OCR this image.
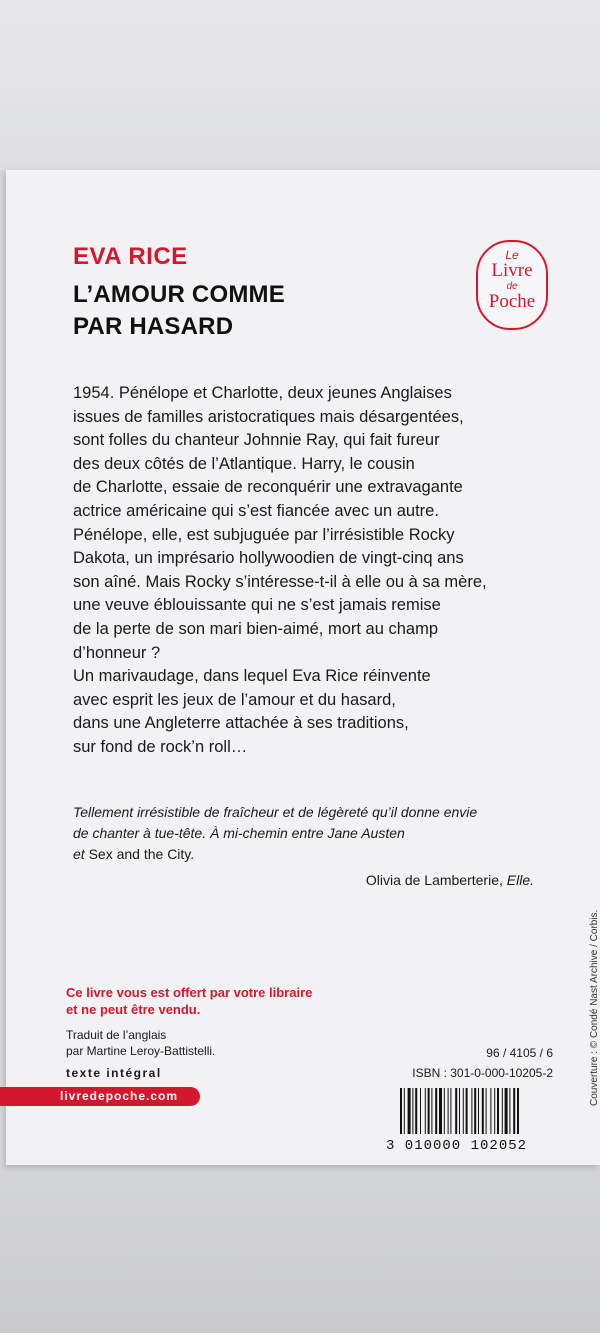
EVA RICE
L’AMOUR COMME
PAR HASARD
Le
Livre
de
Poche
1954. Pénélope et Charlotte, deux jeunes Anglaises
issues de familles aristocratiques mais désargentées,
sont folles du chanteur Johnnie Ray, qui fait fureur
des deux côtés de l’Atlantique. Harry, le cousin
de Charlotte, essaie de reconquérir une extravagante
actrice américaine qui s’est fiancée avec un autre.
Pénélope, elle, est subjuguée par l’irrésistible Rocky
Dakota, un imprésario hollywoodien de vingt-cinq ans
son aîné. Mais Rocky s’intéresse-t-il à elle ou à sa mère,
une veuve éblouissante qui ne s’est jamais remise
de la perte de son mari bien-aimé, mort au champ
d’honneur ?
Un marivaudage, dans lequel Eva Rice réinvente
avec esprit les jeux de l’amour et du hasard,
dans une Angleterre attachée à ses traditions,
sur fond de rock’n roll…
Tellement irrésistible de fraîcheur et de légèreté qu’il donne envie
de chanter à tue-tête. À mi-chemin entre Jane Austen
et Sex and the City.
Olivia de Lamberterie, Elle.
Ce livre vous est offert par votre libraire
et ne peut être vendu.
Traduit de l’anglais
par Martine Leroy-Battistelli.
texte intégral
livredepoche.com
96 / 4105 / 6
ISBN : 301-0-000-10205-2
3 010000 102052
Couverture : © Condé Nast Archive / Corbis.
